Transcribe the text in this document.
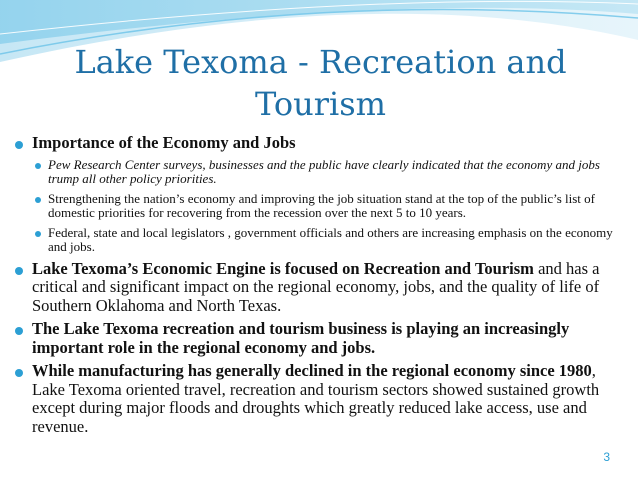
Lake Texoma - Recreation and Tourism
Importance of the Economy and Jobs
Pew Research Center surveys, businesses and the public have clearly indicated that the economy and jobs trump all other policy priorities.
Strengthening the nation’s economy and improving the job situation stand at the top of the public’s list of domestic priorities for recovering from the recession over the next 5 to 10 years.
Federal, state and local legislators , government officials and others are increasing emphasis on the economy and jobs.
Lake Texoma’s Economic Engine is focused on Recreation and Tourism and has a critical and significant impact on the regional economy, jobs, and the quality of life of Southern Oklahoma and North Texas.
The Lake Texoma recreation and tourism business is playing an increasingly important role in the regional economy and jobs.
While manufacturing has generally declined in the regional economy since 1980, Lake Texoma oriented travel, recreation and tourism sectors showed sustained growth except during major floods and droughts which greatly reduced lake access, use and revenue.
3
